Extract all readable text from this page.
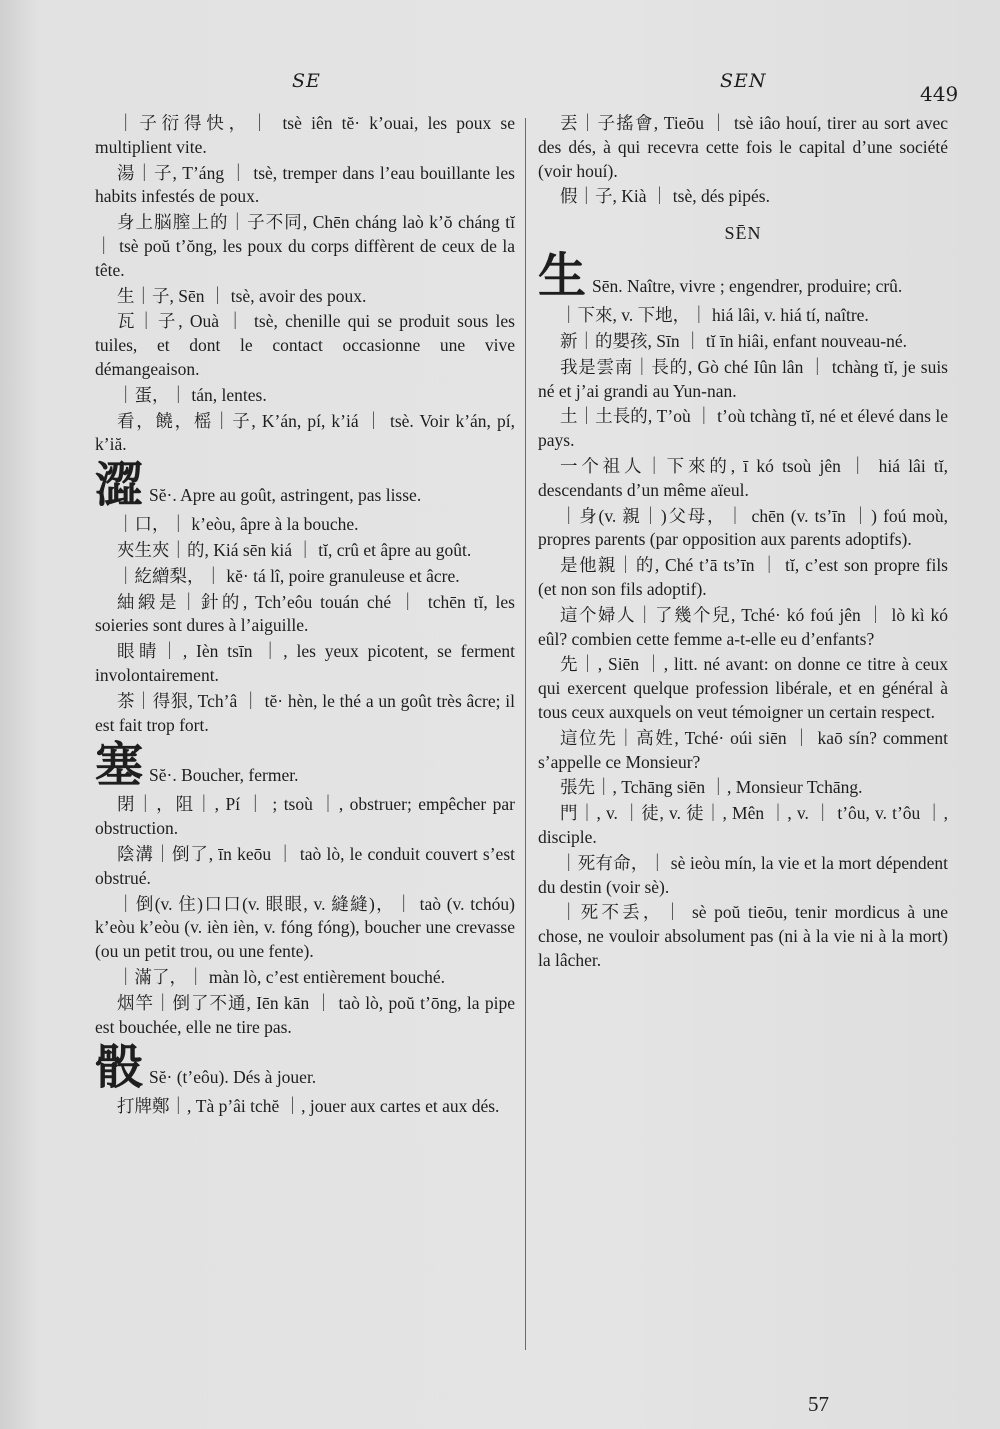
SE	SEN
449

｜子衍得快，｜ tsè iên tĕ· k’ouai, les poux se multiplient vite.

湯｜子, T’áng ｜ tsè, tremper dans l’eau bouillante les habits infestés de poux.

身上脳膣上的｜子不同, Chēn cháng laò k’ŏ cháng tĭ ｜ tsè poŭ t’ŏng, les poux du corps diffèrent de ceux de la tête.

生｜子, Sēn ｜ tsè, avoir des poux.

瓦｜子, Ouà ｜ tsè, chenille qui se produit sous les tuiles, et dont le contact occasionne une vive démangeaison.

｜蛋，｜ tán, lentes.

看，饒，榣｜子, K’án, pí, k’iá ｜ tsè. Voir k’án, pí, k’iă.

澀 Sĕ·. Apre au goût, astringent, pas lisse.

｜口，｜ k’eòu, âpre à la bouche.

夾生夾｜的, Kiá sēn kiá ｜ tĭ, crû et âpre au goût.

｜紇繒梨，｜ kĕ· tá lî, poire granuleuse et âcre.

紬緞是｜針的, Tch’eôu touán ché ｜ tchēn tĭ, les soieries sont dures à l’aiguille.

眼睛｜, Ièn tsīn ｜, les yeux picotent, se ferment involontairement.

茶｜得狠, Tch’â ｜ tĕ· hèn, le thé a un goût très âcre; il est fait trop fort.

塞 Sĕ·. Boucher, fermer.

閉｜，阻｜, Pí ｜ ; tsoù ｜, obstruer; empêcher par obstruction.

陰溝｜倒了, īn keōu ｜ taò lò, le conduit couvert s’est obstrué.

｜倒(v. 住)口口(v. 眼眼, v. 縫縫)，｜ taò (v. tchóu) k’eòu k’eòu (v. ièn ièn, v. fóng fóng), boucher une crevasse (ou un petit trou, ou une fente).

｜滿了，｜ màn lò, c’est entièrement bouché.

烟竿｜倒了不通, Iēn kān ｜ taò lò, poŭ t’ōng, la pipe est bouchée, elle ne tire pas.

骰 Sĕ· (t’eôu). Dés à jouer.

打牌鄭｜, Tà p’âi tchĕ ｜, jouer aux cartes et aux dés.

丟｜子搖會, Tieōu ｜ tsè iâo houí, tirer au sort avec des dés, à qui recevra cette fois le capital d’une société (voir houí).

假｜子, Kià ｜ tsè, dés pipés.

SĒN

生 Sēn. Naître, vivre ; engendrer, produire; crû.

｜下來, v. 下地，｜ hiá lâi, v. hiá tí, naître.

新｜的嬰孩, Sīn ｜ tĭ īn hiâi, enfant nouveau-né.

我是雲南｜長的, Gò ché Iûn lân ｜ tchàng tĭ, je suis né et j’ai grandi au Yun-nan.

土｜土長的, T’où ｜ t’où tchàng tĭ, né et élevé dans le pays.

一个祖人｜下來的, ī kó tsoù jên ｜ hiá lâi tĭ, descendants d’un même aïeul.

｜身(v. 親｜)父母，｜ chēn (v. ts’īn ｜) foú moù, propres parents (par opposition aux parents adoptifs).

是他親｜的, Ché t’ā ts’īn ｜ tĭ, c’est son propre fils (et non son fils adoptif).

這个婦人｜了幾个兒, Tché· kó foú jên ｜ lò kì kó eûl? combien cette femme a-t-elle eu d’enfants?

先｜, Siēn ｜, litt. né avant: on donne ce titre à ceux qui exercent quelque profession libérale, et en général à tous ceux auxquels on veut témoigner un certain respect.

這位先｜高姓, Tché· oúi siēn ｜ kaō sín? comment s’appelle ce Monsieur?

張先｜, Tchāng siēn ｜, Monsieur Tchāng.

門｜, v. ｜徒, v. 徒｜, Mên ｜, v. ｜ t’ôu, v. t’ôu ｜, disciple.

｜死有命，｜ sè ieòu mín, la vie et la mort dépendent du destin (voir sè).

｜死不丢，｜ sè poŭ tieōu, tenir mordicus à une chose, ne vouloir absolument pas (ni à la vie ni à la mort) la lâcher.

57
